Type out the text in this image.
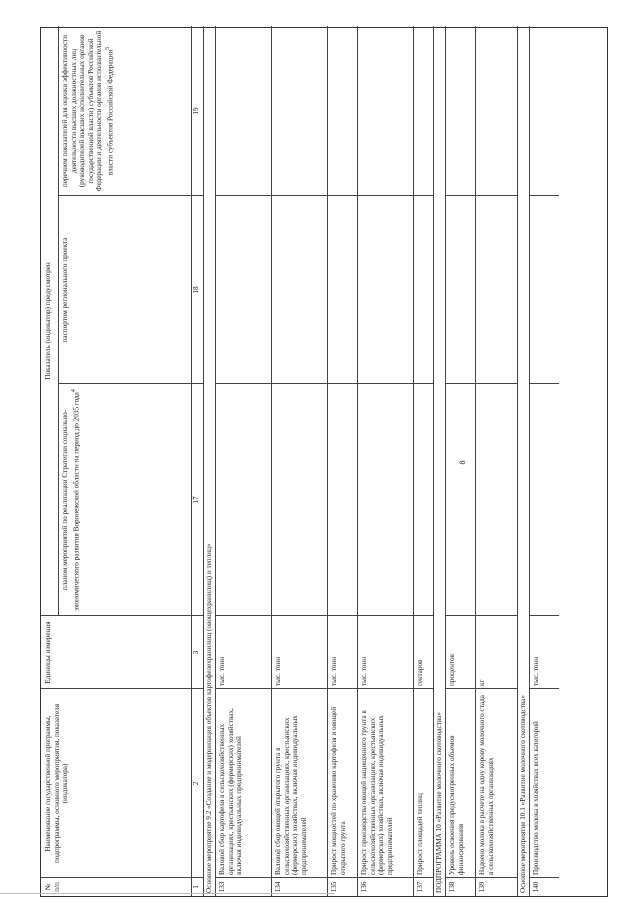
8
№ п/п
Наименование государственной программы, подпрограммы, основного мероприятия, показателя (индикатора)
Единицы измерения
Показатель (индикатор) предусмотрен
планом мероприятий по реализации Стратегии социально-экономического развития Воронежской области на период до 2035 года$^4$
паспортом регионального проекта
перечнем показателей для оценки эффективности деятельности высших должностных лиц (руководителей высших исполнительных органов государственной власти) субъектов Российской Федерации и деятельности органов исполнительной власти субъектов Российской Федерации$^5$
1
2
3
17
18
19
Основное мероприятие 9.2 «Создание и модернизация объектов картофелехранилищ (овощехранилищ) и теплиц» 133
Валовой сбор картофеля в сельскохозяйственных организациях, крестьянских (фермерских) хозяйствах, включая индивидуальных предпринимателей
тыс. тонн
134
Валовой сбор овощей открытого грунта в сельскохозяйственных организациях, крестьянских (фермерских) хозяйствах, включая индивидуальных предпринимателей
тыс. тонн
135
Прирост мощностей по хранению картофеля и овощей открытого грунта
тыс. тонн
136
Прирост производства овощей защищенного грунта в сельскохозяйственных организациях, крестьянских (фермерских) хозяйствах, включая индивидуальных предпринимателей
тыс. тонн
137
Прирост площадей теплиц
гектаров
ПОДПРОГРАММА 10 «Развитие молочного скотоводства» 138
Уровень освоения предусмотренных объемов финансирования
процентов
139
Надоено молока в расчете на одну корову молочного стада в сельскохозяйственных организациях
кг
Основное мероприятие 10.1 «Развитие молочного скотоводства» 140
Производство молока в хозяйствах всех категорий
тыс. тонн
